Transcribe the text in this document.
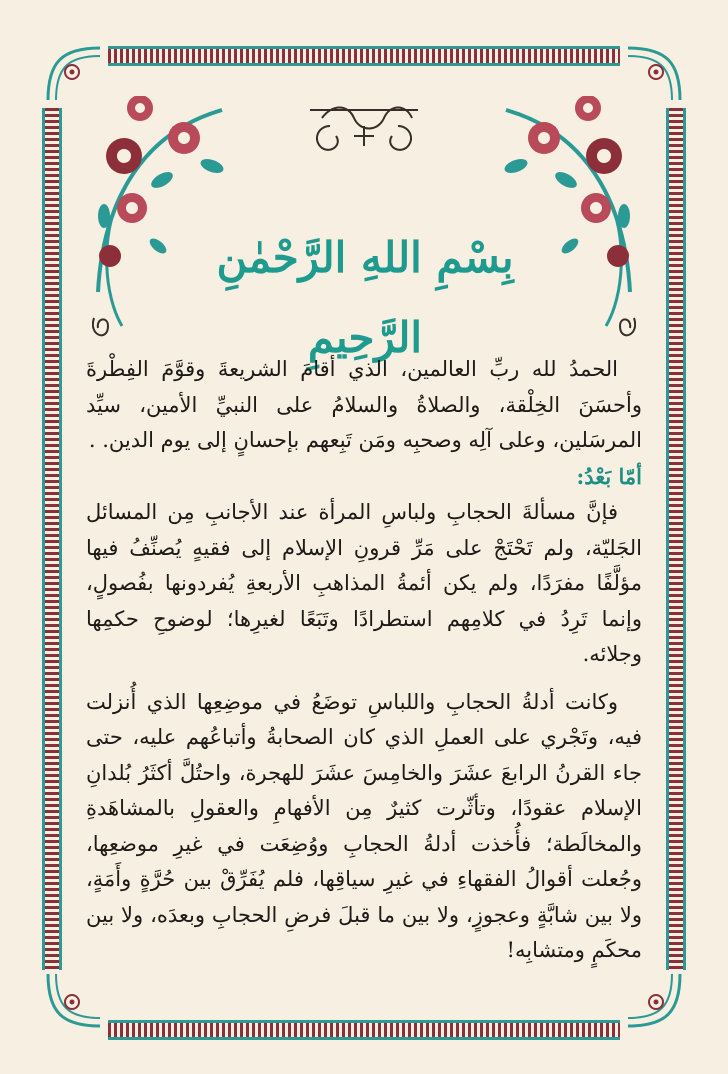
بِسْمِ اللهِ الرَّحْمٰنِ الرَّحِيمِ

الحمدُ لله ربِّ العالمين، الذي أقامَ الشريعةَ وقوَّمَ الفِطْرةَ وأحسَنَ الخِلْقة، والصلاةُ والسلامُ على النبيِّ الأمين، سيِّد المرسَلين، وعلى آلِه وصحبِه ومَن تَبِعهم بإحسانٍ إلى يوم الدين. .

أمّا بَعْدُ:

فإنَّ مسألةَ الحجابِ ولباسِ المرأة عند الأجانبِ مِن المسائل الجَليّة، ولم تَحْتَجْ على مَرِّ قرونِ الإسلام إلى فقيهٍ يُصنِّفُ فيها مؤلَّفًا مفرَدًا، ولم يكن أئمةُ المذاهبِ الأربعةِ يُفردونها بفُصولٍ، وإنما تَرِدُ في كلامِهم استطرادًا وتَبَعًا لغيرِها؛ لوضوحِ حكمِها وجلائه.

وكانت أدلةُ الحجابِ واللباسِ توضَعُ في موضِعِها الذي أُنزلت فيه، وتَجْري على العملِ الذي كان الصحابةُ وأتباعُهم عليه، حتى جاء القرنُ الرابعَ عشَرَ والخامِسَ عشَرَ للهجرة، واحتُلَّ أكثَرُ بُلدانِ الإسلام عقودًا، وتأثّرت كثيرٌ مِن الأفهامِ والعقولِ بالمشاهَدةِ والمخالَطة؛ فأُخذت أدلةُ الحجابِ ووُضِعَت في غيرِ موضعِها، وجُعلت أقوالُ الفقهاءِ في غيرِ سياقِها، فلم يُفَرِّقْ بين حُرَّةٍ وأَمَةٍ، ولا بين شابَّةٍ وعجوزٍ، ولا بين ما قبلَ فرضِ الحجابِ وبعدَه، ولا بين محكَمٍ ومتشابِه!
